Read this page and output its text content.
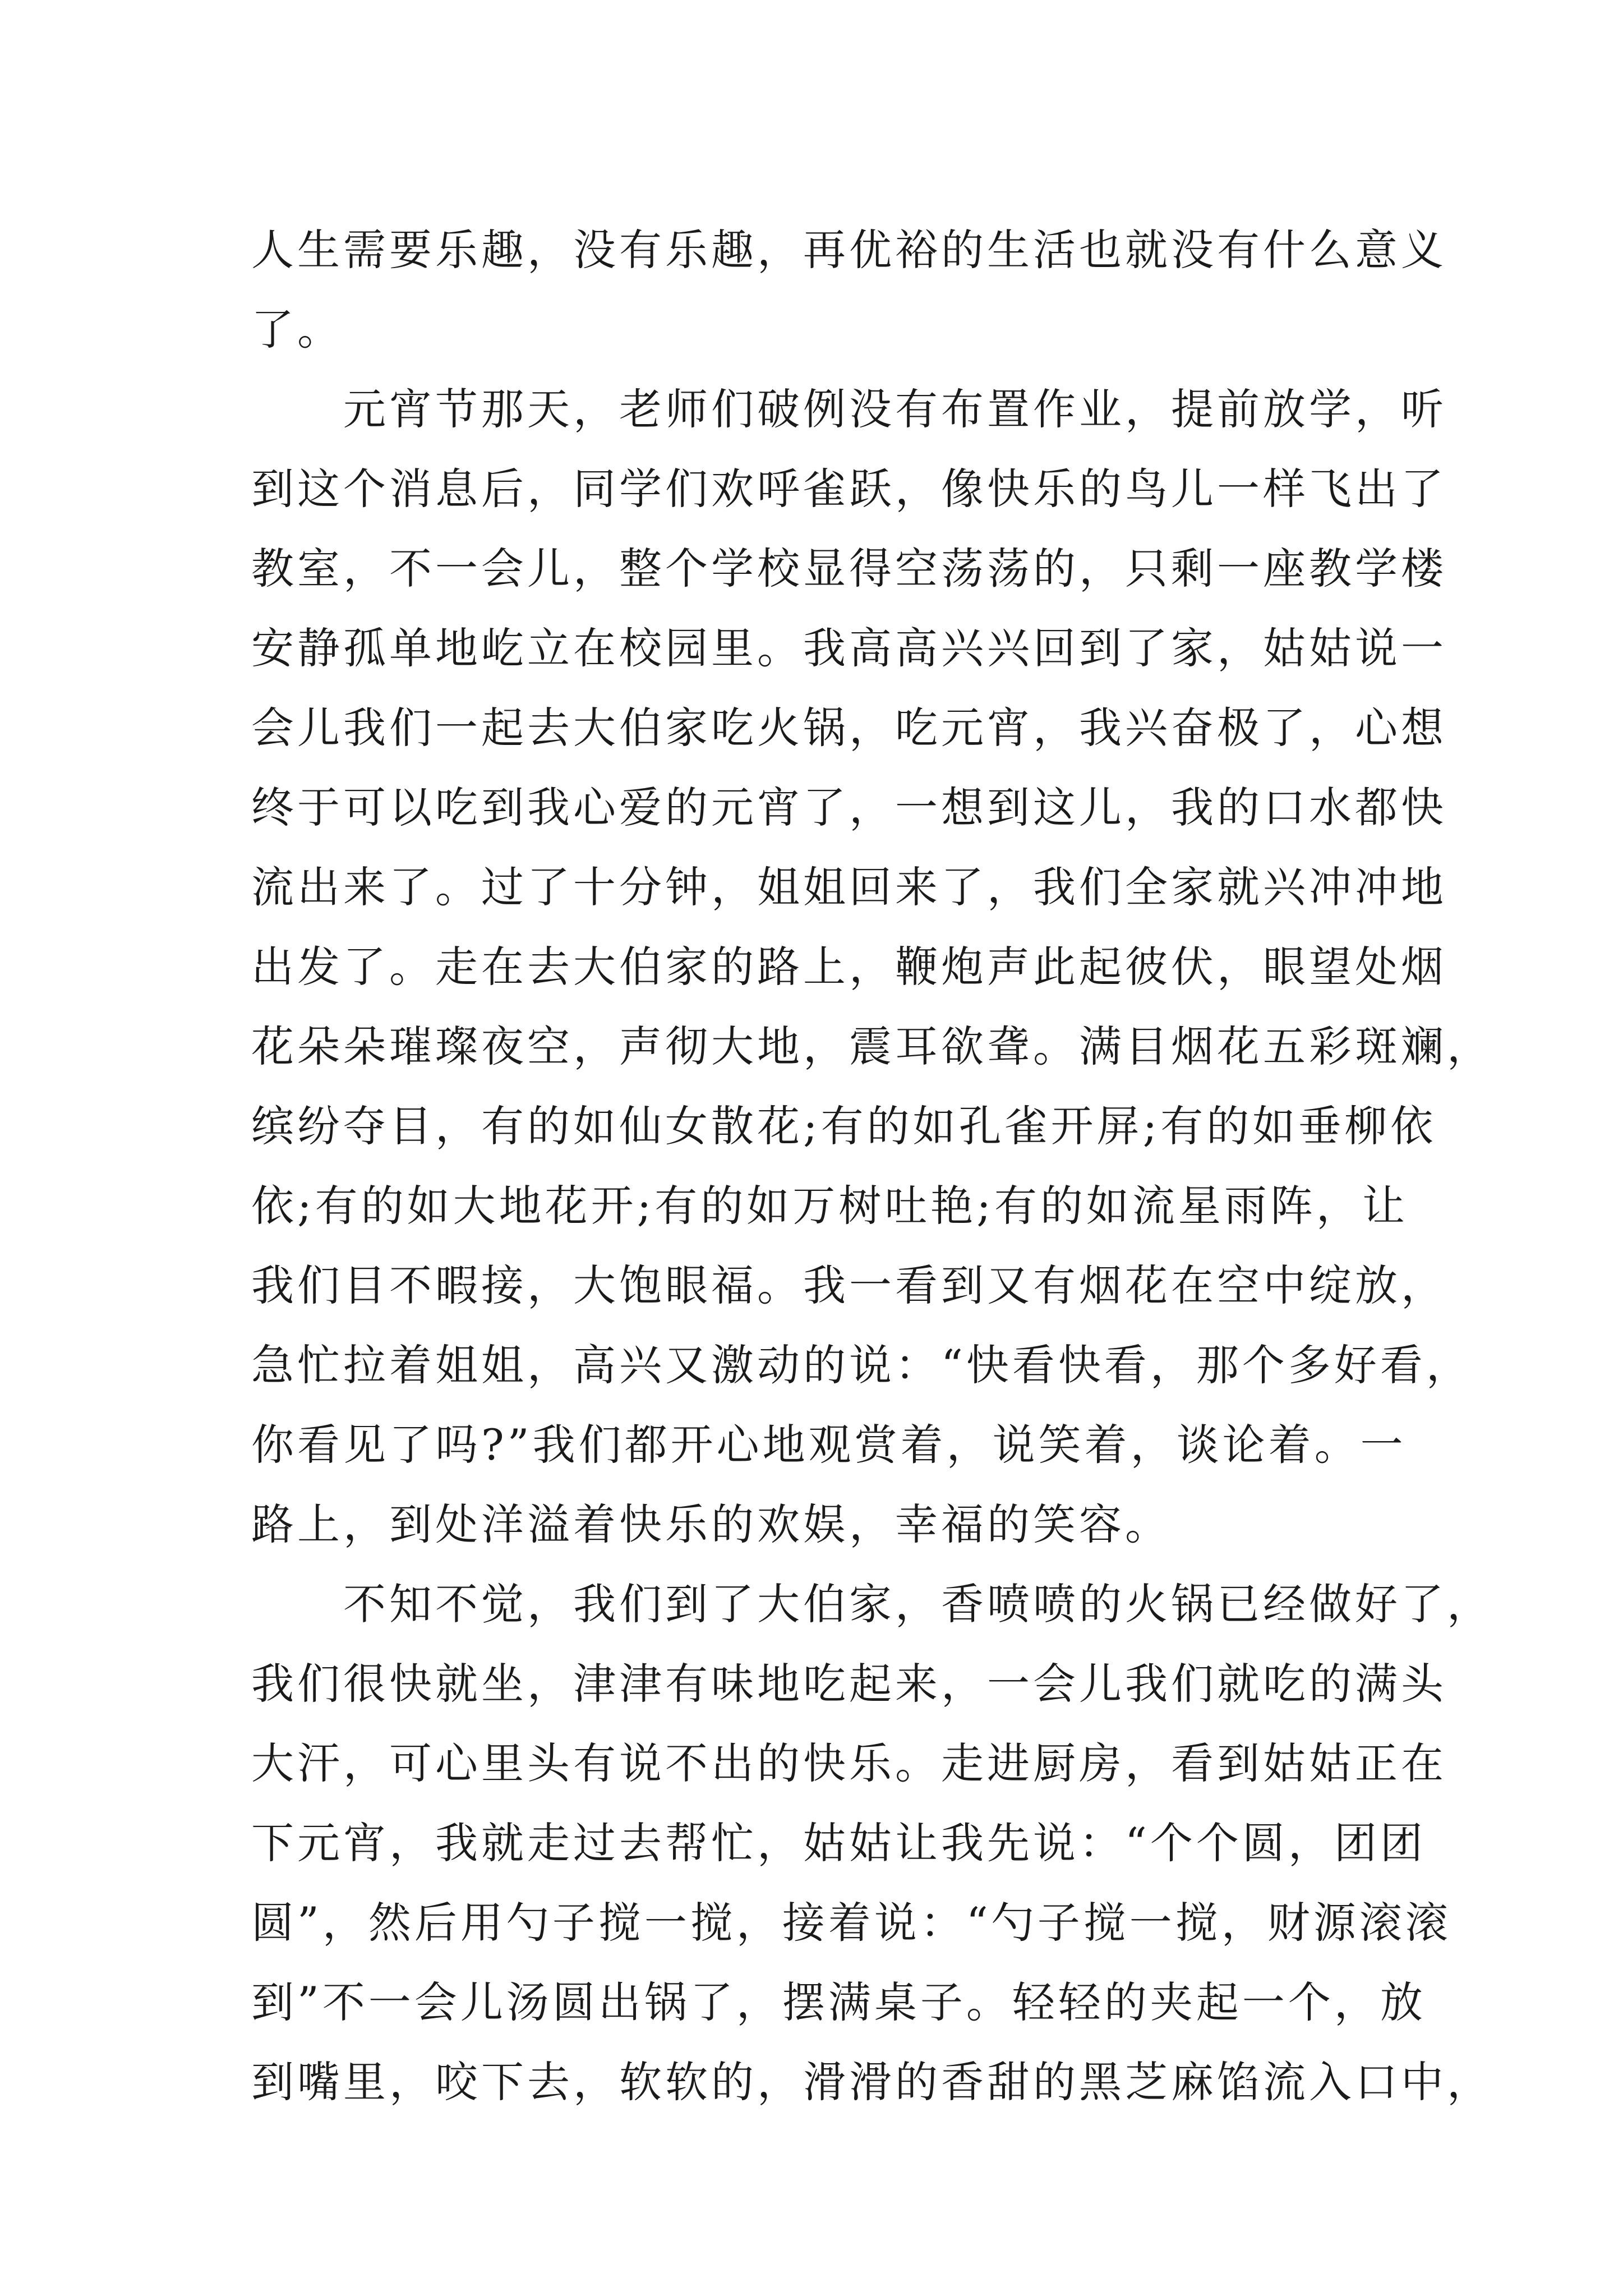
人生需要乐趣，没有乐趣，再优裕的生活也就没有什么意义
了。
元宵节那天，老师们破例没有布置作业，提前放学，听
到这个消息后，同学们欢呼雀跃，像快乐的鸟儿一样飞出了
教室，不一会儿，整个学校显得空荡荡的，只剩一座教学楼
安静孤单地屹立在校园里。我高高兴兴回到了家，姑姑说一
会儿我们一起去大伯家吃火锅，吃元宵，我兴奋极了，心想
终于可以吃到我心爱的元宵了，一想到这儿，我的口水都快
流出来了。过了十分钟，姐姐回来了，我们全家就兴冲冲地
出发了。走在去大伯家的路上，鞭炮声此起彼伏，眼望处烟
花朵朵璀璨夜空，声彻大地，震耳欲聋。满目烟花五彩斑斓，
缤纷夺目，有的如仙女散花;有的如孔雀开屏;有的如垂柳依
依;有的如大地花开;有的如万树吐艳;有的如流星雨阵，让
我们目不暇接，大饱眼福。我一看到又有烟花在空中绽放，
急忙拉着姐姐，高兴又激动的说：“快看快看，那个多好看，
你看见了吗?”我们都开心地观赏着，说笑着，谈论着。一
路上，到处洋溢着快乐的欢娱，幸福的笑容。
不知不觉，我们到了大伯家，香喷喷的火锅已经做好了，
我们很快就坐，津津有味地吃起来，一会儿我们就吃的满头
大汗，可心里头有说不出的快乐。走进厨房，看到姑姑正在
下元宵，我就走过去帮忙，姑姑让我先说：“个个圆，团团
圆”，然后用勺子搅一搅，接着说：“勺子搅一搅，财源滚滚
到”不一会儿汤圆出锅了，摆满桌子。轻轻的夹起一个，放
到嘴里，咬下去，软软的，滑滑的香甜的黑芝麻馅流入口中，
